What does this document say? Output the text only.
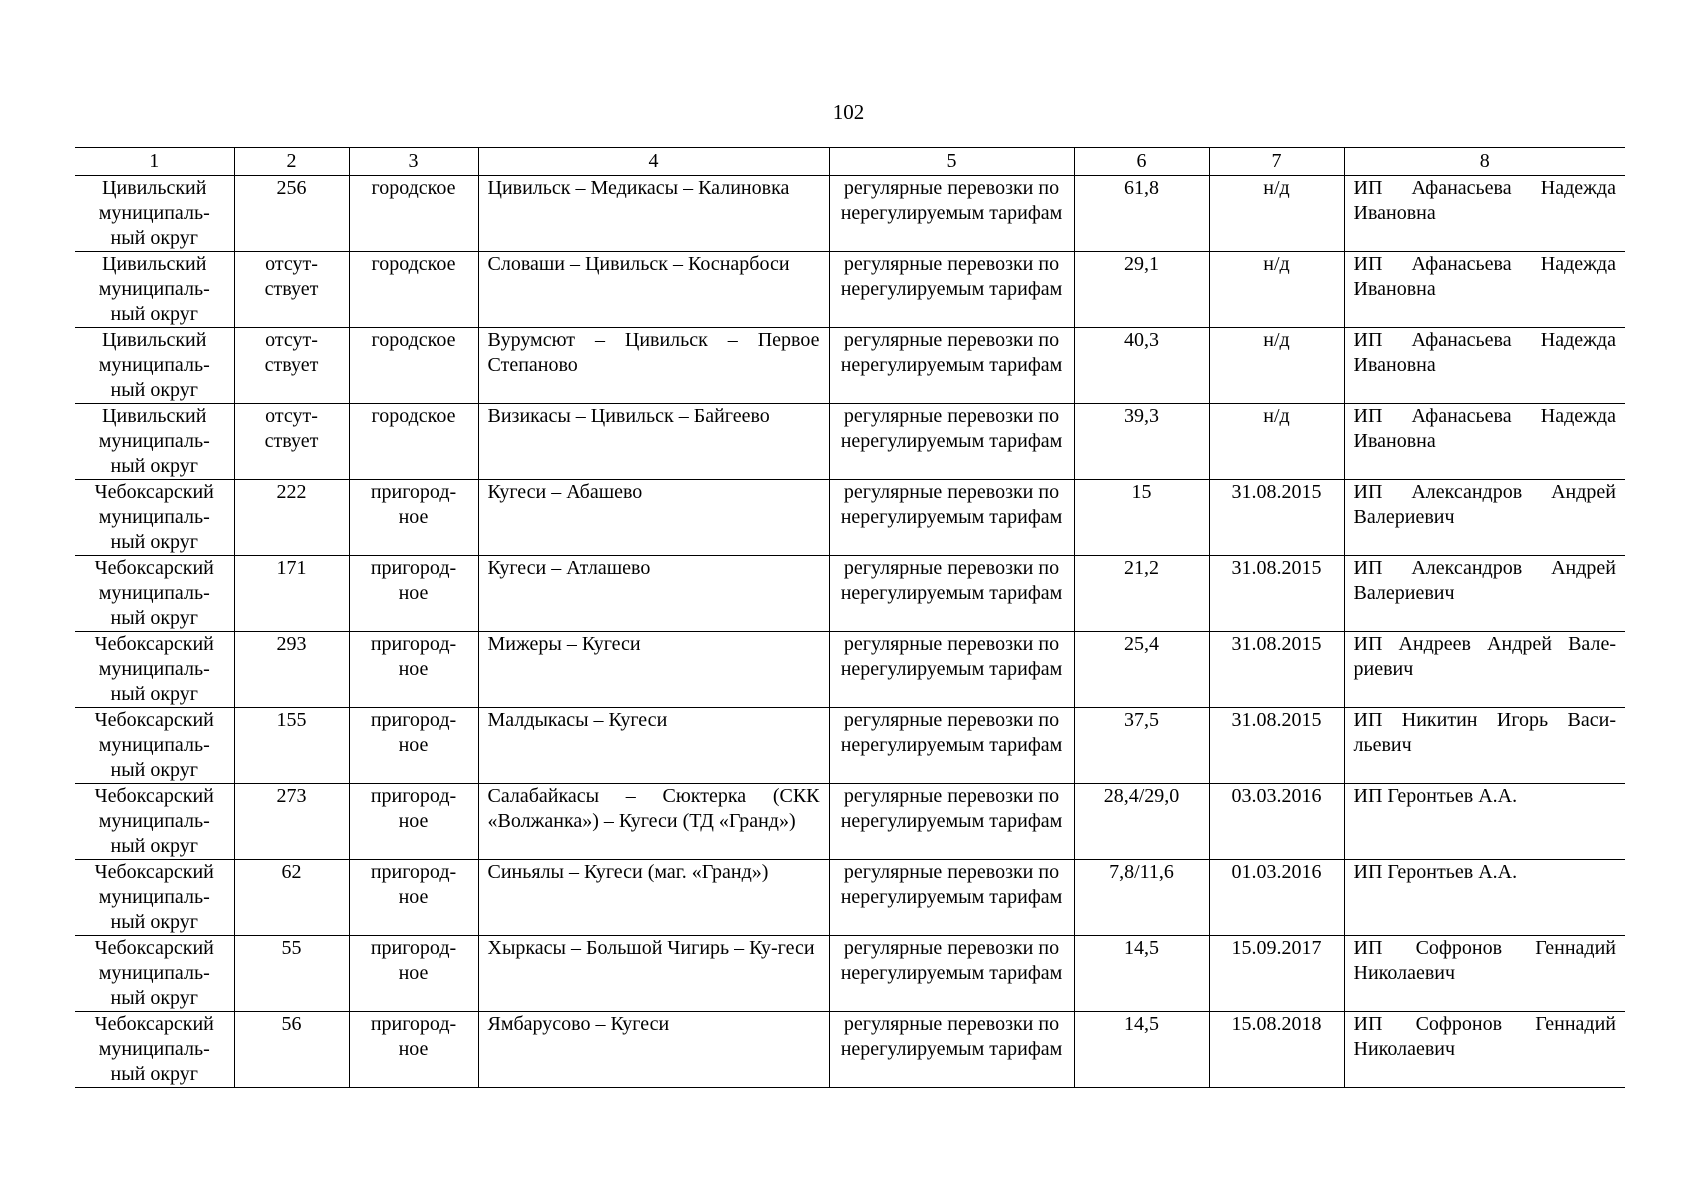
102
1	2	3	4	5	6	7	8
Цивильский муниципаль-ный округ	256	городское	Цивильск – Медикасы – Калиновка	регулярные перевозки по нерегулируемым тарифам	61,8	н/д	ИП Афанасьева Надежда Ивановна
Цивильский муниципаль-ный округ	отсут-ствует	городское	Словаши – Цивильск – Коснарбоси	регулярные перевозки по нерегулируемым тарифам	29,1	н/д	ИП Афанасьева Надежда Ивановна
Цивильский муниципаль-ный округ	отсут-ствует	городское	Вурумсют – Цивильск – Первое Степаново	регулярные перевозки по нерегулируемым тарифам	40,3	н/д	ИП Афанасьева Надежда Ивановна
Цивильский муниципаль-ный округ	отсут-ствует	городское	Визикасы – Цивильск – Байгеево	регулярные перевозки по нерегулируемым тарифам	39,3	н/д	ИП Афанасьева Надежда Ивановна
Чебоксарский муниципаль-ный округ	222	пригород-ное	Кугеси – Абашево	регулярные перевозки по нерегулируемым тарифам	15	31.08.2015	ИП Александров Андрей Валериевич
Чебоксарский муниципаль-ный округ	171	пригород-ное	Кугеси – Атлашево	регулярные перевозки по нерегулируемым тарифам	21,2	31.08.2015	ИП Александров Андрей Валериевич
Чебоксарский муниципаль-ный округ	293	пригород-ное	Мижеры – Кугеси	регулярные перевозки по нерегулируемым тарифам	25,4	31.08.2015	ИП Андреев Андрей Вале-риевич
Чебоксарский муниципаль-ный округ	155	пригород-ное	Малдыкасы – Кугеси	регулярные перевозки по нерегулируемым тарифам	37,5	31.08.2015	ИП Никитин Игорь Васи-льевич
Чебоксарский муниципаль-ный округ	273	пригород-ное	Салабайкасы – Сюктерка (СКК «Волжанка») – Кугеси (ТД «Гранд»)	регулярные перевозки по нерегулируемым тарифам	28,4/29,0	03.03.2016	ИП Геронтьев А.А.
Чебоксарский муниципаль-ный округ	62	пригород-ное	Синьялы – Кугеси (маг. «Гранд»)	регулярные перевозки по нерегулируемым тарифам	7,8/11,6	01.03.2016	ИП Геронтьев А.А.
Чебоксарский муниципаль-ный округ	55	пригород-ное	Хыркасы – Большой Чигирь – Ку-геси	регулярные перевозки по нерегулируемым тарифам	14,5	15.09.2017	ИП Софронов Геннадий Николаевич
Чебоксарский муниципаль-ный округ	56	пригород-ное	Ямбарусово – Кугеси	регулярные перевозки по нерегулируемым тарифам	14,5	15.08.2018	ИП Софронов Геннадий Николаевич
